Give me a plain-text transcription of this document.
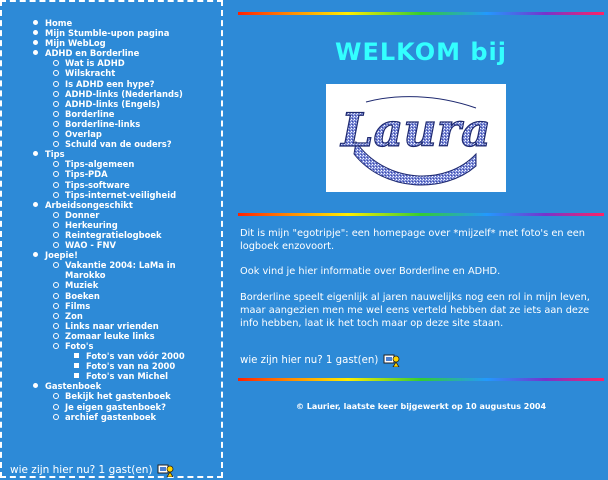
Home
Mijn Stumble-upon pagina
Mijn WebLog
ADHD en Borderline
Wat is ADHD
Wilskracht
Is ADHD een hype?
ADHD-links (Nederlands)
ADHD-links (Engels)
Borderline
Borderline-links
Overlap
Schuld van de ouders?
Tips
Tips-algemeen
Tips-PDA
Tips-software
Tips-internet-veiligheid
Arbeidsongeschikt
Donner
Herkeuring
Reintegratielogboek
WAO - FNV
Joepie!
Vakantie 2004: LaMa in Marokko
Muziek
Boeken
Films
Zon
Links naar vrienden
Zomaar leuke links
Foto's
Foto's van vóór 2000
Foto's van na 2000
Foto's van Michel
Gastenboek
Bekijk het gastenboek
Je eigen gastenboek?
archief gastenboek
wie zijn hier nu? 1 gast(en)
WELKOM bij
Laura

Dit is mijn "egotripje": een homepage over *mijzelf* met foto's en een logboek enzovoort.

Ook vind je hier informatie over Borderline en ADHD.

Borderline speelt eigenlijk al jaren nauwelijks nog een rol in mijn leven, maar aangezien men me wel eens verteld hebben dat ze iets aan deze info hebben, laat ik het toch maar op deze site staan.

wie zijn hier nu? 1 gast(en)
© Laurier, laatste keer bijgewerkt op 10 augustus 2004
